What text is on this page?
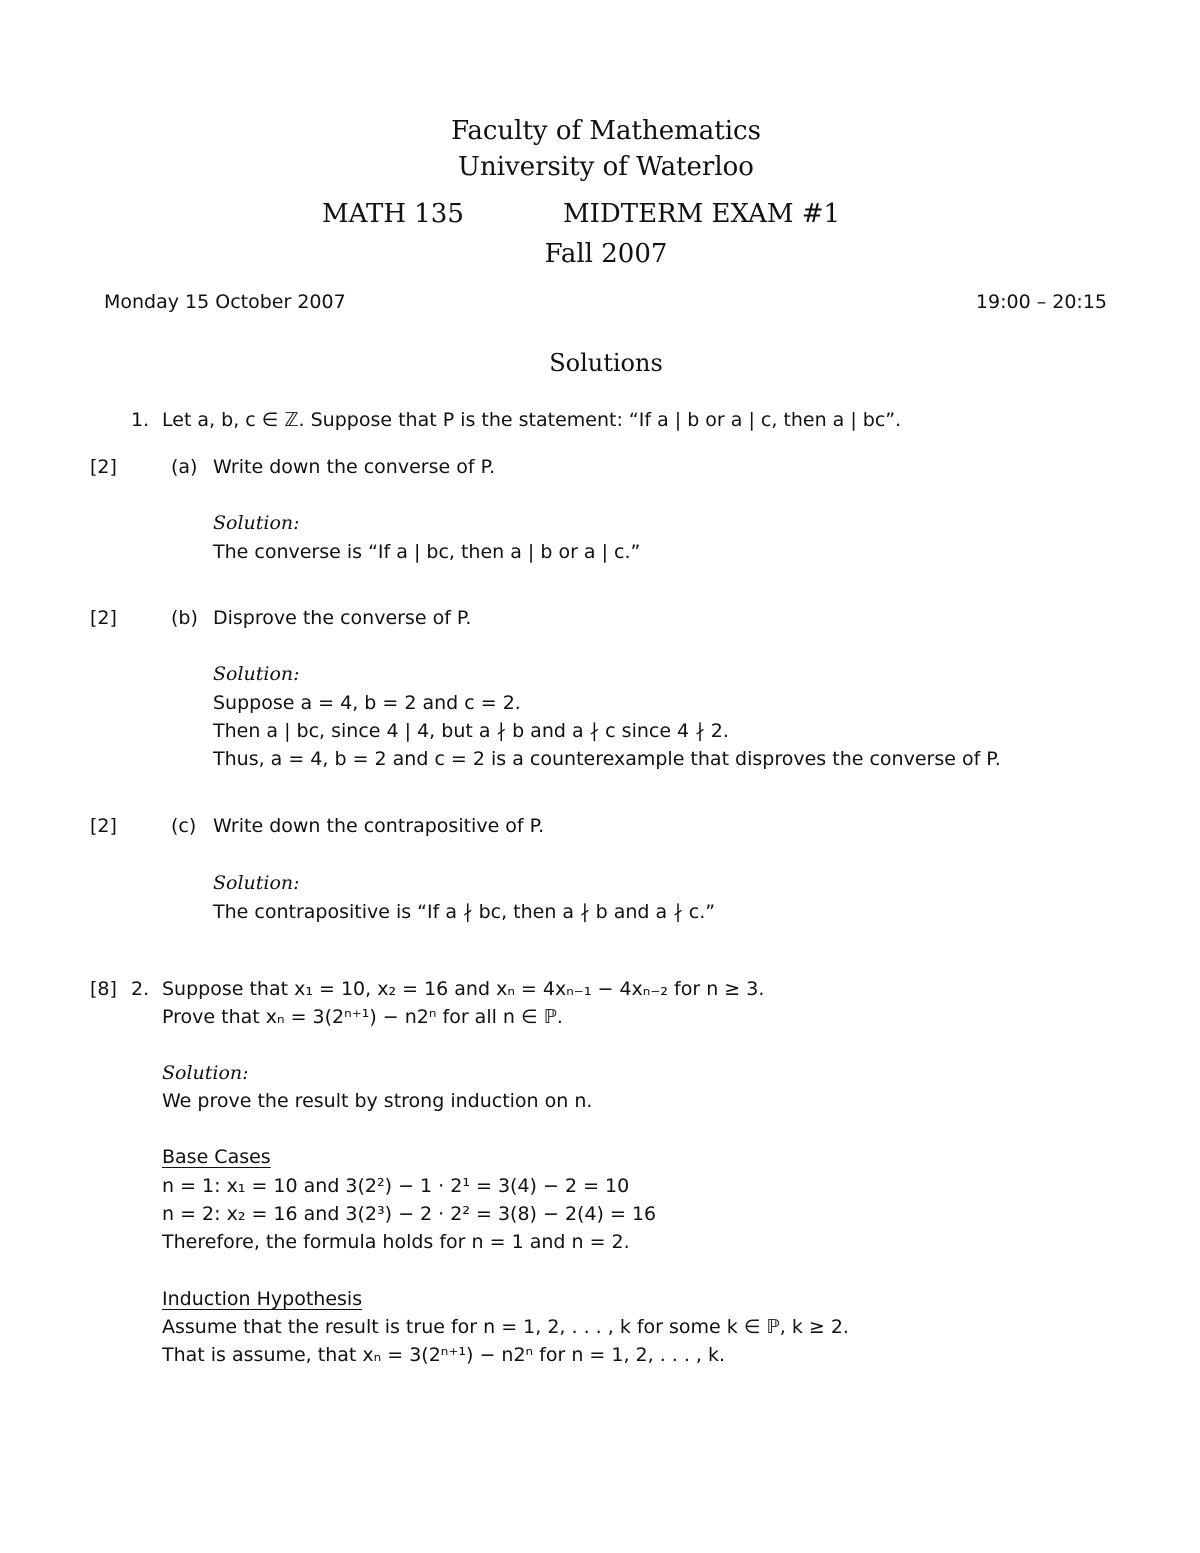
Faculty of Mathematics
University of Waterloo
MATH 135	MIDTERM EXAM #1
Fall 2007
Monday 15 October 2007	19:00 – 20:15
Solutions
1. Let a, b, c ∈ ℤ. Suppose that P is the statement: “If a | b or a | c, then a | bc”.
[2]	(a) Write down the converse of P.
Solution:
The converse is “If a | bc, then a | b or a | c.”
[2]	(b) Disprove the converse of P.
Solution:
Suppose a = 4, b = 2 and c = 2.
Then a | bc, since 4 | 4, but a ∤ b and a ∤ c since 4 ∤ 2.
Thus, a = 4, b = 2 and c = 2 is a counterexample that disproves the converse of P.
[2]	(c) Write down the contrapositive of P.
Solution:
The contrapositive is “If a ∤ bc, then a ∤ b and a ∤ c.”
[8] 2. Suppose that x₁ = 10, x₂ = 16 and xₙ = 4xₙ₋₁ − 4xₙ₋₂ for n ≥ 3.
Prove that xₙ = 3(2ⁿ⁺¹) − n2ⁿ for all n ∈ ℙ.
Solution:
We prove the result by strong induction on n.
Base Cases
n = 1: x₁ = 10 and 3(2²) − 1 · 2¹ = 3(4) − 2 = 10
n = 2: x₂ = 16 and 3(2³) − 2 · 2² = 3(8) − 2(4) = 16
Therefore, the formula holds for n = 1 and n = 2.
Induction Hypothesis
Assume that the result is true for n = 1, 2, . . . , k for some k ∈ ℙ, k ≥ 2.
That is assume, that xₙ = 3(2ⁿ⁺¹) − n2ⁿ for n = 1, 2, . . . , k.
